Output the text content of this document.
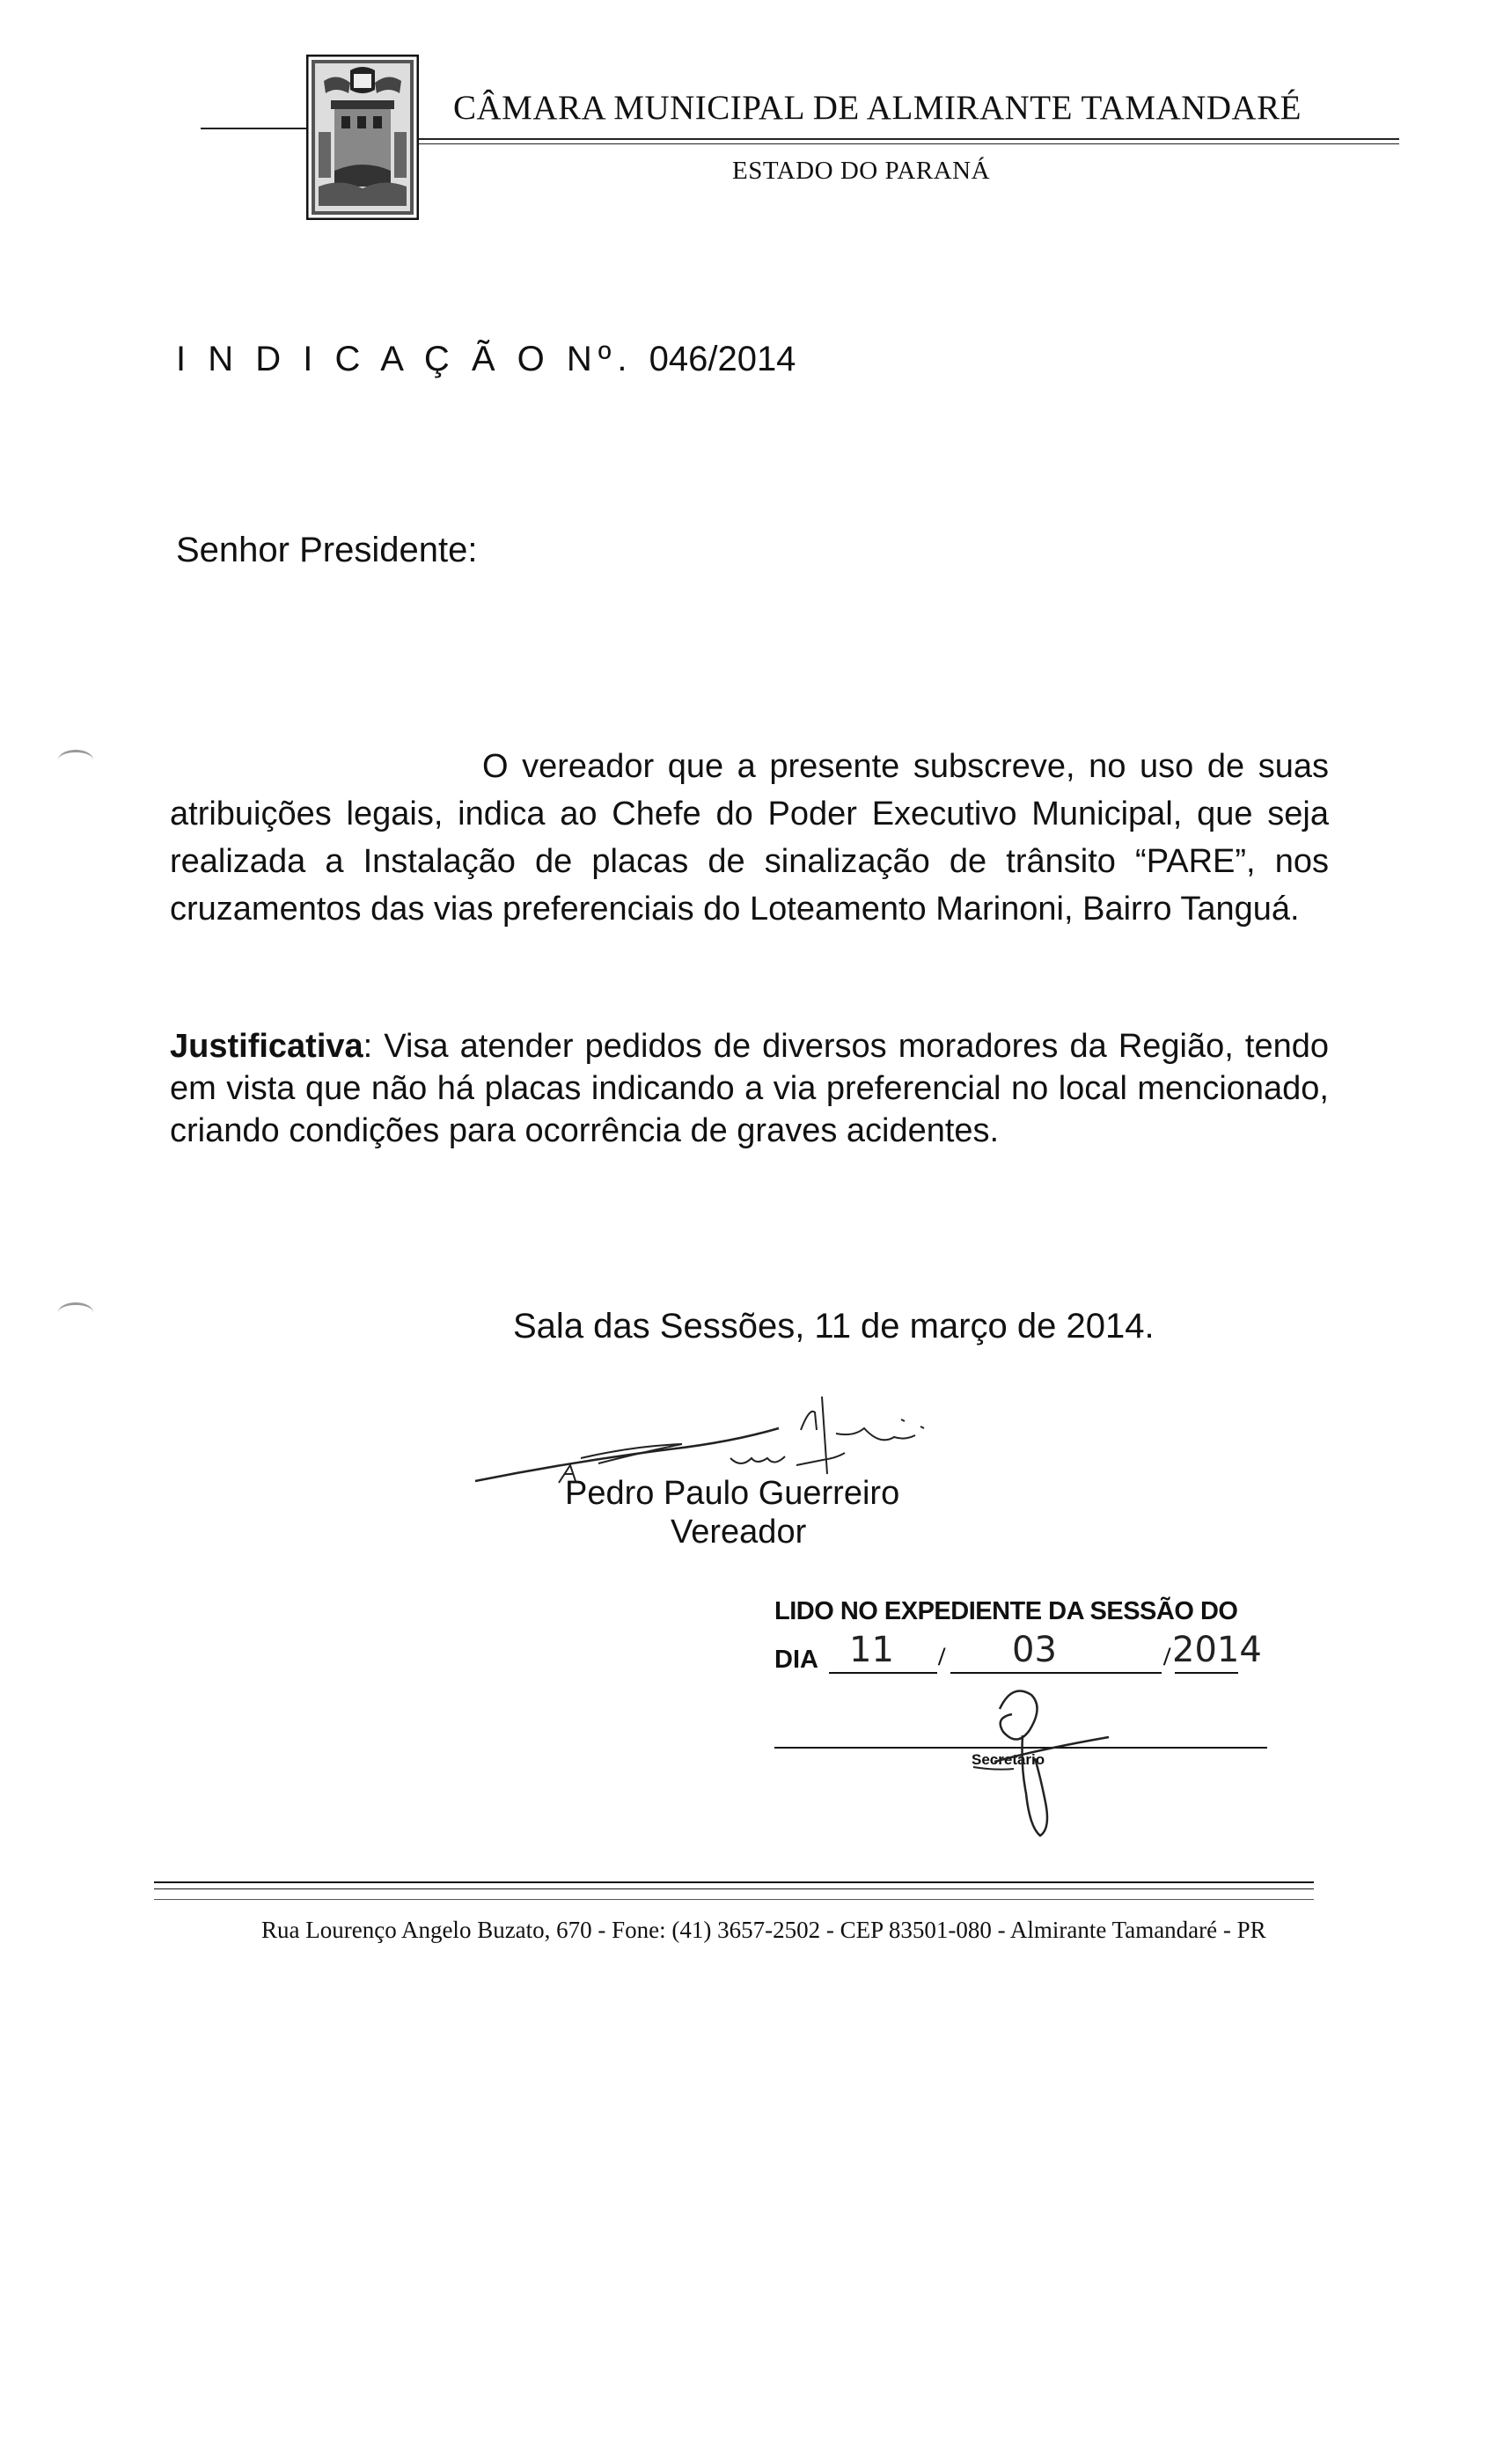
CÂMARA MUNICIPAL DE ALMIRANTE TAMANDARÉ
ESTADO DO PARANÁ
I N D I C A Ç Ã O Nº. 046/2014
Senhor Presidente:
O vereador que a presente subscreve, no uso de suas atribuições legais, indica ao Chefe do Poder Executivo Municipal, que seja realizada a Instalação de placas de sinalização de trânsito “PARE”, nos cruzamentos das vias preferenciais do Loteamento Marinoni, Bairro Tanguá.
Justificativa: Visa atender pedidos de diversos moradores da Região, tendo em vista que não há placas indicando a via preferencial no local mencionado, criando condições para ocorrência de graves acidentes.
Sala das Sessões, 11 de março de 2014.
Pedro Paulo Guerreiro
Vereador
LIDO NO EXPEDIENTE DA SESSÃO DO
DIA	/	/
11	03	2014
Secretário
Rua Lourenço Angelo Buzato, 670 - Fone: (41) 3657-2502 - CEP 83501-080 - Almirante Tamandaré - PR
